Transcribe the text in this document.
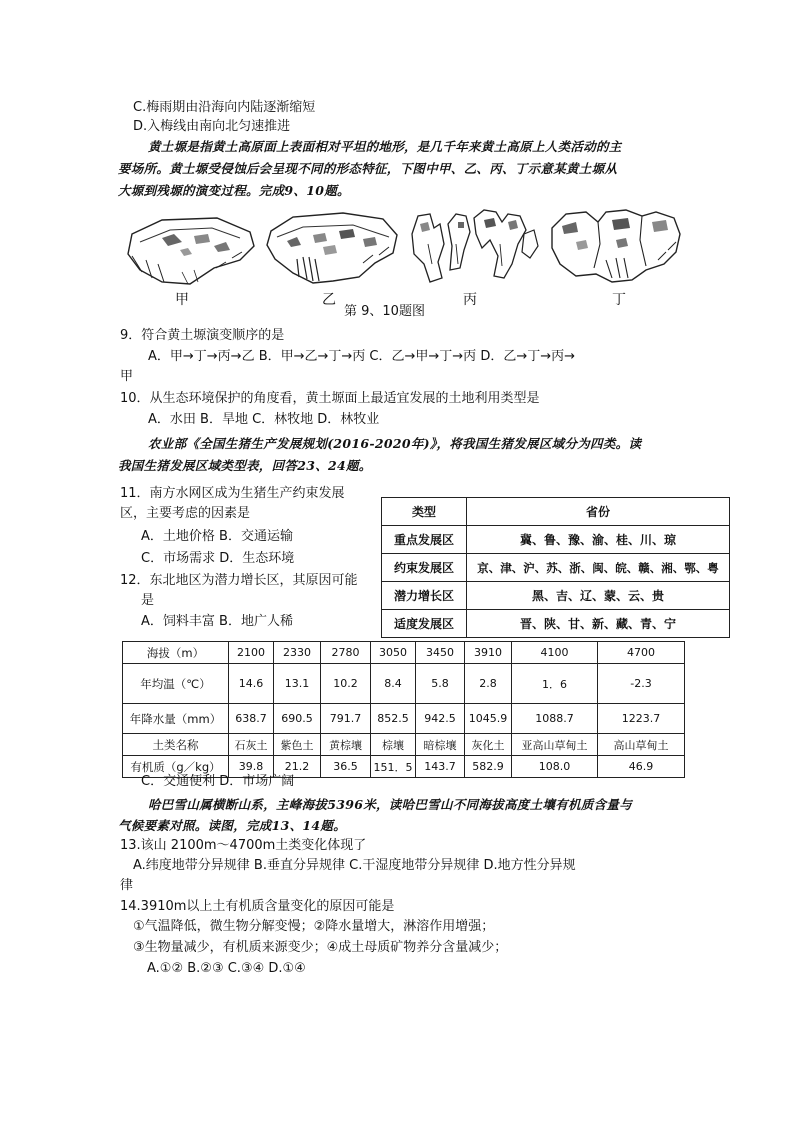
C.梅雨期由沿海向内陆逐渐缩短
D.入梅线由南向北匀速推进
黄土塬是指黄土高原面上表面相对平坦的地形，是几千年来黄土高原上人类活动的主
要场所。黄土塬受侵蚀后会呈现不同的形态特征，下图中甲、乙、丙、丁示意某黄土塬从
大塬到残塬的演变过程。完成9、10题。
甲	乙	丙	丁
第 9、10题图
9．符合黄土塬演变顺序的是
A．甲→丁→丙→乙 B．甲→乙→丁→丙 C．乙→甲→丁→丙 D．乙→丁→丙→
甲
10．从生态环境保护的角度看，黄土塬面上最适宜发展的土地利用类型是
A．水田 B．旱地 C．林牧地 D．林牧业
农业部《全国生猪生产发展规划(2016-2020年)》，将我国生猪发展区域分为四类。读
我国生猪发展区域类型表，回答23、24题。
11．南方水网区成为生猪生产约束发展
区，主要考虑的因素是
A．土地价格 B．交通运输
C．市场需求 D．生态环境
12．东北地区为潜力增长区，其原因可能
是
A．饲料丰富 B．地广人稀
类型	省份
重点发展区	冀、鲁、豫、渝、桂、川、琼
约束发展区	京、津、沪、苏、浙、闽、皖、赣、湘、鄂、粤
潜力增长区	黑、吉、辽、蒙、云、贵
适度发展区	晋、陕、甘、新、藏、青、宁
海拔（m）	2100	2330	2780	3050	3450	3910	4100	4700
年均温（℃）	14.6	13.1	10.2	8.4	5.8	2.8	1．6	-2.3
年降水量（mm）	638.7	690.5	791.7	852.5	942.5	1045.9	1088.7	1223.7
土类名称	石灰土	紫色土	黄棕壤	棕壤	暗棕壤	灰化土	亚高山草甸土	高山草甸土
有机质（g／kg）	39.8	21.2	36.5	151．5	143.7	582.9	108.0	46.9
C．交通便利 D．市场广阔
哈巴雪山属横断山系，主峰海拔5396米，读哈巴雪山不同海拔高度土壤有机质含量与
气候要素对照。读图，完成13、14题。
13.该山 2100m～4700m土类变化体现了
A.纬度地带分异规律 B.垂直分异规律 C.干湿度地带分异规律 D.地方性分异规
律
14.3910m以上土有机质含量变化的原因可能是
①气温降低，微生物分解变慢；②降水量增大，淋溶作用增强；
③生物量减少，有机质来源变少；④成土母质矿物养分含量减少；
A.①② B.②③ C.③④ D.①④
